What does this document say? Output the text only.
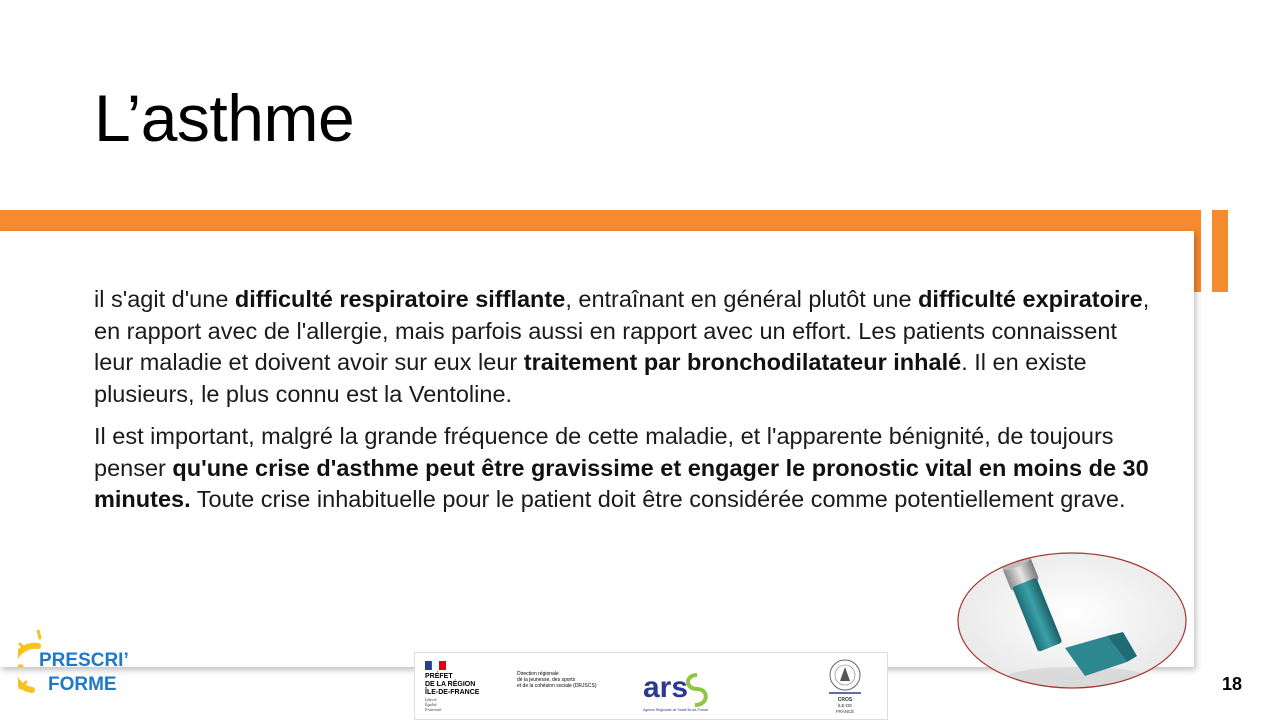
L’asthme

il s'agit d'une difficulté respiratoire sifflante, entraînant en général plutôt une difficulté expiratoire, en rapport avec de l'allergie, mais parfois aussi en rapport avec un effort. Les patients connaissent leur maladie et doivent avoir sur eux leur traitement par bronchodilatateur inhalé. Il en existe plusieurs, le plus connu est la Ventoline.

Il est important, malgré la grande fréquence de cette maladie, et l'apparente bénignité, de toujours penser qu'une crise d'asthme peut être gravissime et engager le pronostic vital en moins de 30 minutes. Toute crise inhabituelle pour le patient doit être considérée comme potentiellement grave.

PRESCRI’
FORME	PRÉFET
DE LA RÉGION
ÎLE-DE-FRANCE
Liberté
Égalité
Fraternité
Direction régionale
de la jeunesse, des sports
et de la cohésion sociale (DRJSCS) ars
Agence Régionale de Santé Île-de-France
CROS
ÎLE-DE
FRANCE
18
